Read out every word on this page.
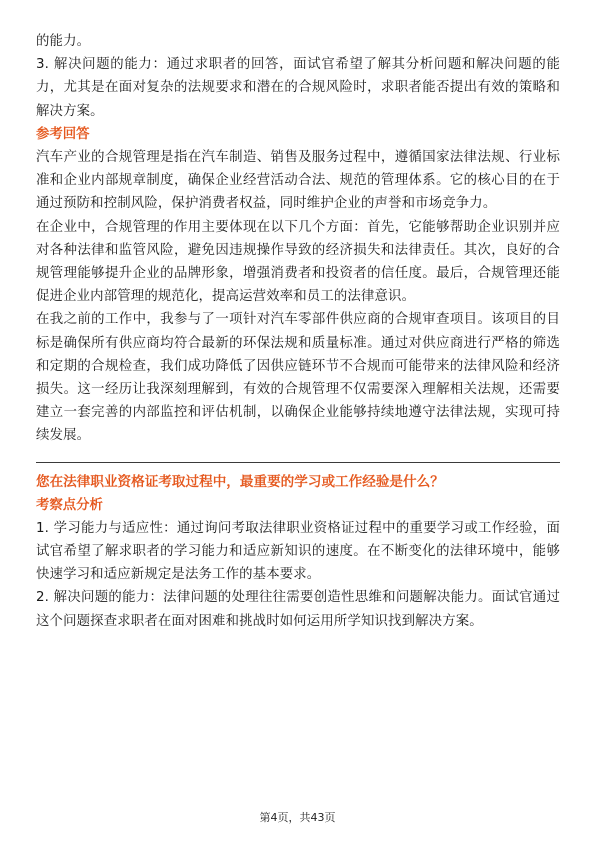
的能力。

3. 解决问题的能力：通过求职者的回答，面试官希望了解其分析问题和解决问题的能力，尤其是在面对复杂的法规要求和潜在的合规风险时，求职者能否提出有效的策略和解决方案。

参考回答

汽车产业的合规管理是指在汽车制造、销售及服务过程中，遵循国家法律法规、行业标准和企业内部规章制度，确保企业经营活动合法、规范的管理体系。它的核心目的在于通过预防和控制风险，保护消费者权益，同时维护企业的声誉和市场竞争力。

在企业中，合规管理的作用主要体现在以下几个方面：首先，它能够帮助企业识别并应对各种法律和监管风险，避免因违规操作导致的经济损失和法律责任。其次，良好的合规管理能够提升企业的品牌形象，增强消费者和投资者的信任度。最后，合规管理还能促进企业内部管理的规范化，提高运营效率和员工的法律意识。

在我之前的工作中，我参与了一项针对汽车零部件供应商的合规审查项目。该项目的目标是确保所有供应商均符合最新的环保法规和质量标准。通过对供应商进行严格的筛选和定期的合规检查，我们成功降低了因供应链环节不合规而可能带来的法律风险和经济损失。这一经历让我深刻理解到，有效的合规管理不仅需要深入理解相关法规，还需要建立一套完善的内部监控和评估机制，以确保企业能够持续地遵守法律法规，实现可持续发展。

您在法律职业资格证考取过程中，最重要的学习或工作经验是什么？
考察点分析

1. 学习能力与适应性：通过询问考取法律职业资格证过程中的重要学习或工作经验，面试官希望了解求职者的学习能力和适应新知识的速度。在不断变化的法律环境中，能够快速学习和适应新规定是法务工作的基本要求。

2. 解决问题的能力：法律问题的处理往往需要创造性思维和问题解决能力。面试官通过这个问题探查求职者在面对困难和挑战时如何运用所学知识找到解决方案。

第4页，共43页
